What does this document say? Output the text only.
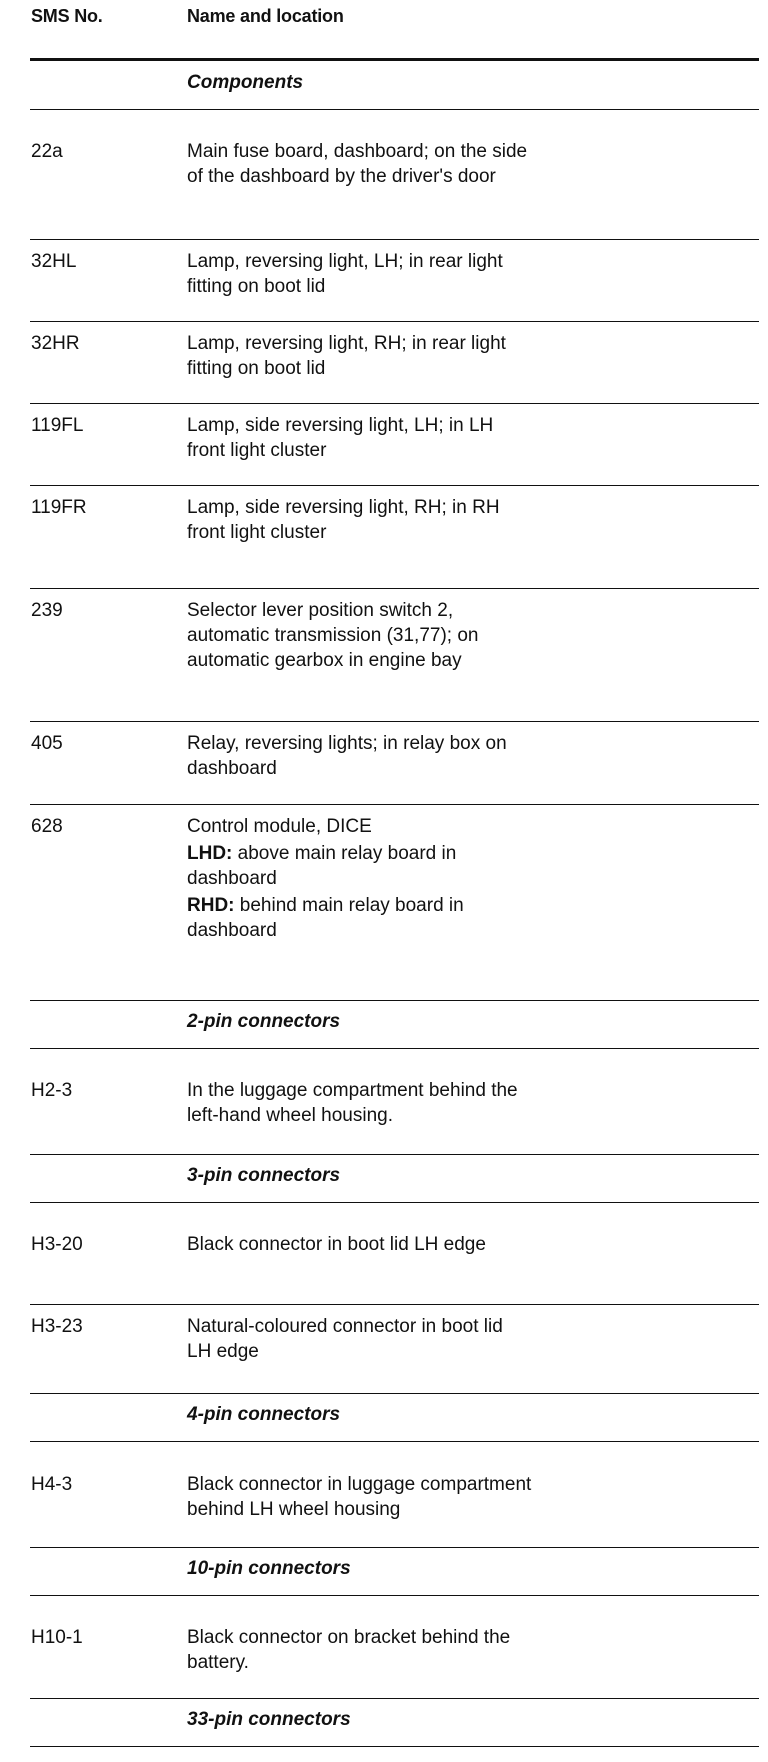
SMS No.	Name and location
Components
22a	Main fuse board, dashboard; on the side
of the dashboard by the driver's door
32HL	Lamp, reversing light, LH; in rear light
fitting on boot lid
32HR	Lamp, reversing light, RH; in rear light
fitting on boot lid
119FL	Lamp, side reversing light, LH; in LH
front light cluster
119FR	Lamp, side reversing light, RH; in RH
front light cluster
239	Selector lever position switch 2,
automatic transmission (31,77); on
automatic gearbox in engine bay
405	Relay, reversing lights; in relay box on
dashboard
628	Control module, DICE
LHD: above main relay board in
dashboard
RHD: behind main relay board in
dashboard
2-pin connectors
H2-3	In the luggage compartment behind the
left-hand wheel housing.
3-pin connectors
H3-20	Black connector in boot lid LH edge
H3-23	Natural-coloured connector in boot lid
LH edge
4-pin connectors
H4-3	Black connector in luggage compartment
behind LH wheel housing
10-pin connectors
H10-1	Black connector on bracket behind the
battery.
33-pin connectors
